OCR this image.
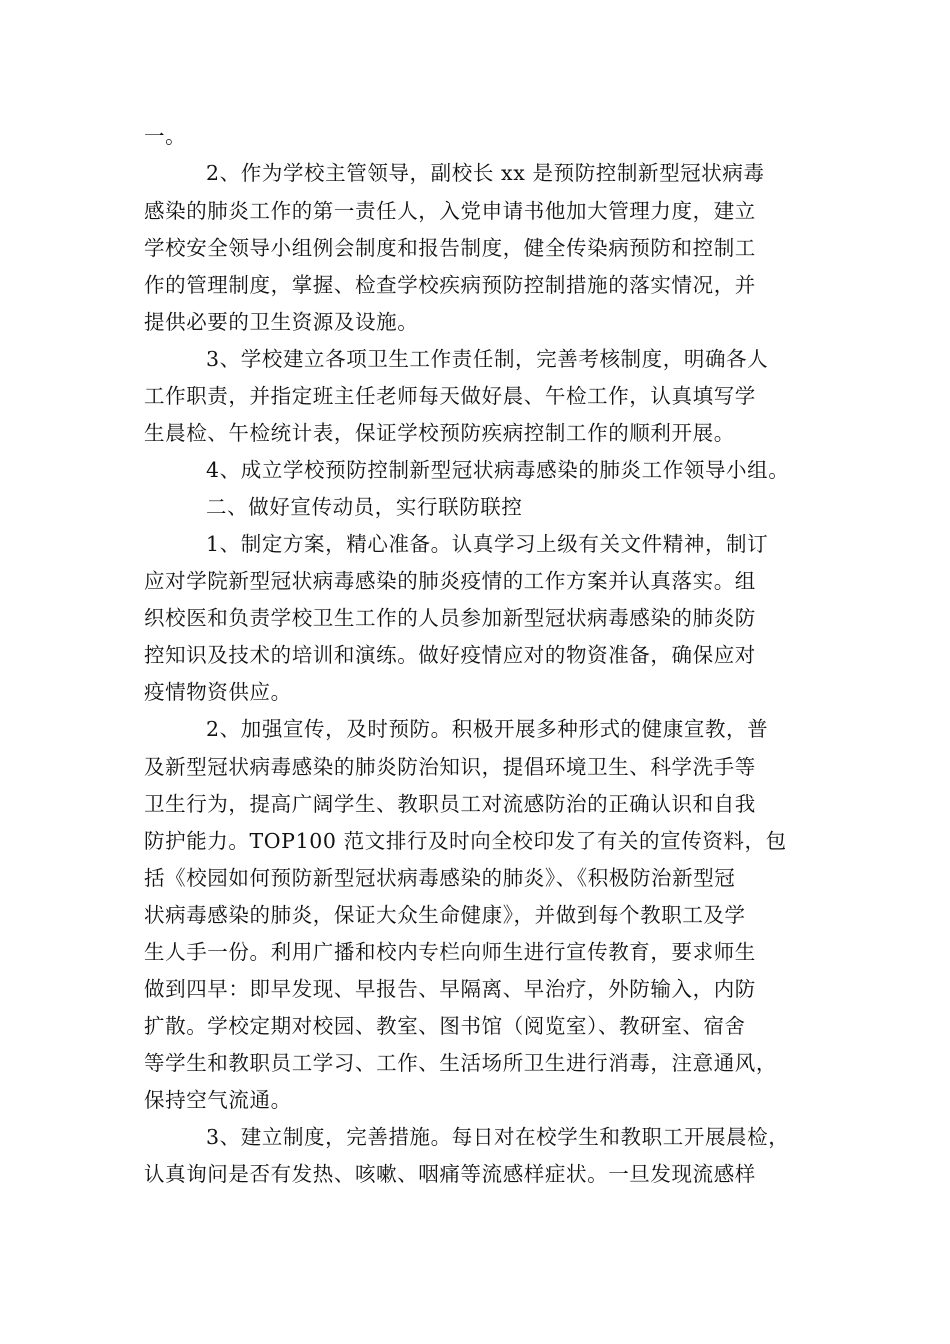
一。
2、作为学校主管领导，副校长 xx 是预防控制新型冠状病毒
感染的肺炎工作的第一责任人，入党申请书他加大管理力度，建立
学校安全领导小组例会制度和报告制度，健全传染病预防和控制工
作的管理制度，掌握、检查学校疾病预防控制措施的落实情况，并
提供必要的卫生资源及设施。
3、学校建立各项卫生工作责任制，完善考核制度，明确各人
工作职责，并指定班主任老师每天做好晨、午检工作，认真填写学
生晨检、午检统计表，保证学校预防疾病控制工作的顺利开展。
4、成立学校预防控制新型冠状病毒感染的肺炎工作领导小组。
二、做好宣传动员，实行联防联控
1、制定方案，精心准备。认真学习上级有关文件精神，制订
应对学院新型冠状病毒感染的肺炎疫情的工作方案并认真落实。组
织校医和负责学校卫生工作的人员参加新型冠状病毒感染的肺炎防
控知识及技术的培训和演练。做好疫情应对的物资准备，确保应对
疫情物资供应。
2、加强宣传，及时预防。积极开展多种形式的健康宣教，普
及新型冠状病毒感染的肺炎防治知识，提倡环境卫生、科学洗手等
卫生行为，提高广阔学生、教职员工对流感防治的正确认识和自我
防护能力。TOP100 范文排行及时向全校印发了有关的宣传资料，包
括《校园如何预防新型冠状病毒感染的肺炎》、《积极防治新型冠
状病毒感染的肺炎，保证大众生命健康》，并做到每个教职工及学
生人手一份。利用广播和校内专栏向师生进行宣传教育，要求师生
做到四早：即早发现、早报告、早隔离、早治疗，外防输入，内防
扩散。学校定期对校园、教室、图书馆（阅览室）、教研室、宿舍
等学生和教职员工学习、工作、生活场所卫生进行消毒，注意通风，
保持空气流通。
3、建立制度，完善措施。每日对在校学生和教职工开展晨检，
认真询问是否有发热、咳嗽、咽痛等流感样症状。一旦发现流感样
